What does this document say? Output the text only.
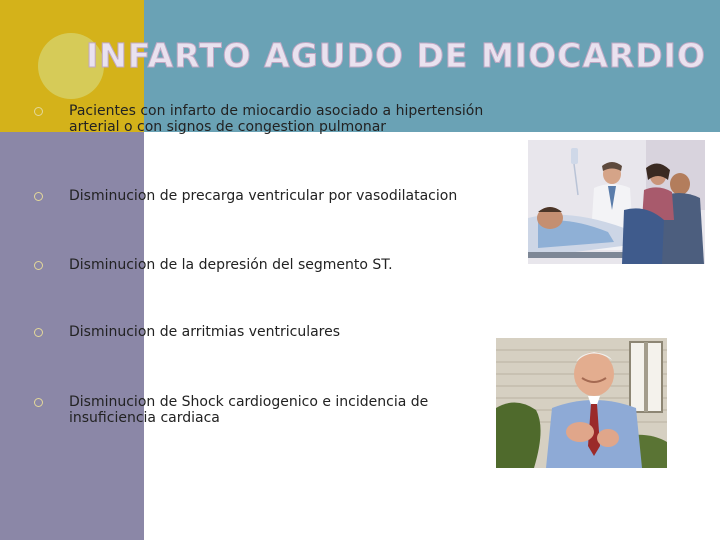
INFARTO AGUDO DE MIOCARDIO
Pacientes con infarto de miocardio asociado a hipertensión arterial o con signos de congestion pulmonar
Disminucion de precarga ventricular por vasodilatacion
Disminucion de la depresión del segmento ST.
Disminucion de arritmias ventriculares
Disminucion de Shock cardiogenico e incidencia de insuficiencia cardiaca
